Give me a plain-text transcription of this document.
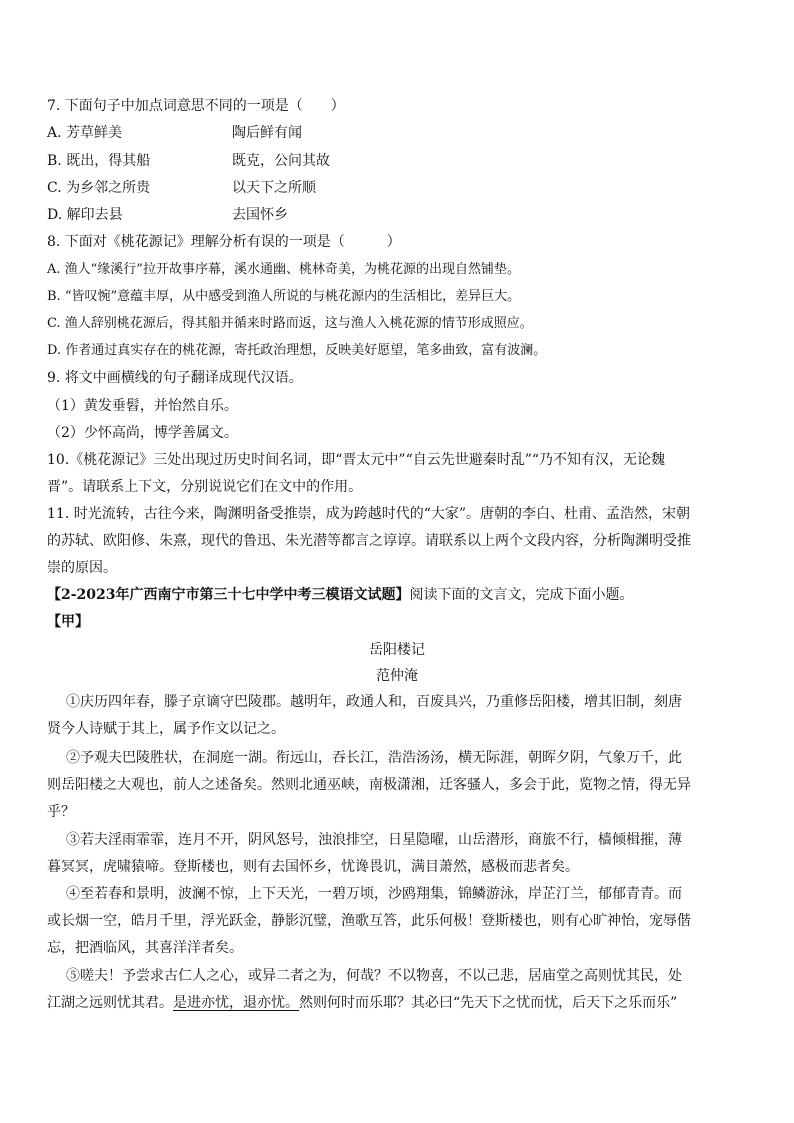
7. 下面句子中加点词意思不同的一项是（　　）
A. 芳草鲜美	陶后鲜有闻
B. 既出，得其船	既克，公问其故
C. 为乡邻之所贵	以天下之所顺
D. 解印去县	去国怀乡
8. 下面对《桃花源记》理解分析有误的一项是（　　　）
A. 渔人“缘溪行”拉开故事序幕，溪水通幽、桃林奇美，为桃花源的出现自然铺垫。
B. “皆叹惋”意蕴丰厚，从中感受到渔人所说的与桃花源内的生活相比，差异巨大。
C. 渔人辞别桃花源后，得其船并循来时路而返，这与渔人入桃花源的情节形成照应。
D. 作者通过真实存在的桃花源，寄托政治理想，反映美好愿望，笔多曲致，富有波澜。
9. 将文中画横线的句子翻译成现代汉语。
（1）黄发垂髫，并怡然自乐。
（2）少怀高尚，博学善属文。
10.《桃花源记》三处出现过历史时间名词，即“晋太元中”“自云先世避秦时乱”“乃不知有汉，无论魏
晋”。请联系上下文，分别说说它们在文中的作用。
11. 时光流转，古往今来，陶渊明备受推崇，成为跨越时代的“大家”。唐朝的李白、杜甫、孟浩然，宋朝
的苏轼、欧阳修、朱熹，现代的鲁迅、朱光潜等都言之谆谆。请联系以上两个文段内容，分析陶渊明受推
崇的原因。
【2-2023年广西南宁市第三十七中学中考三模语文试题】阅读下面的文言文，完成下面小题。
【甲】
岳阳楼记
范仲淹
①庆历四年春，滕子京谪守巴陵郡。越明年，政通人和，百废具兴，乃重修岳阳楼，增其旧制，刻唐
贤今人诗赋于其上，属予作文以记之。
②予观夫巴陵胜状，在洞庭一湖。衔远山，吞长江，浩浩汤汤，横无际涯，朝晖夕阴，气象万千，此
则岳阳楼之大观也，前人之述备矣。然则北通巫峡，南极潇湘，迁客骚人，多会于此，览物之情，得无异
乎？
③若夫淫雨霏霏，连月不开，阴风怒号，浊浪排空，日星隐曜，山岳潜形，商旅不行，樯倾楫摧，薄
暮冥冥，虎啸猿啼。登斯楼也，则有去国怀乡，忧谗畏讥，满目萧然，感极而悲者矣。
④至若春和景明，波澜不惊，上下天光，一碧万顷，沙鸥翔集，锦鳞游泳，岸芷汀兰，郁郁青青。而
或长烟一空，皓月千里，浮光跃金，静影沉璧，渔歌互答，此乐何极！登斯楼也，则有心旷神怡，宠辱偕
忘，把酒临风，其喜洋洋者矣。
⑤嗟夫！予尝求古仁人之心，或异二者之为，何哉？不以物喜，不以己悲，居庙堂之高则忧其民，处
江湖之远则忧其君。是进亦忧，退亦忧。然则何时而乐耶？其必曰“先天下之忧而忧，后天下之乐而乐”
